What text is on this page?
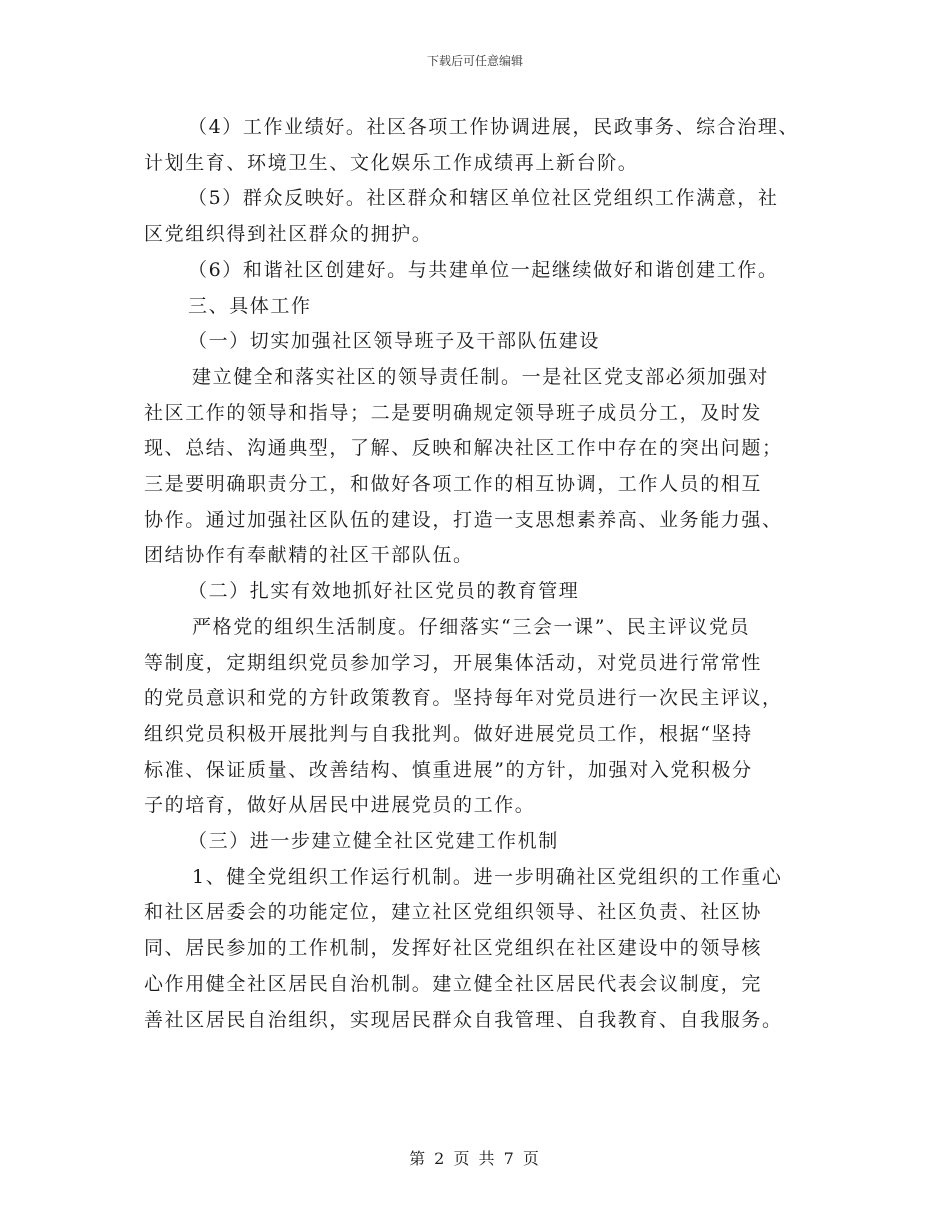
下载后可任意编辑
（4）工作业绩好。社区各项工作协调进展，民政事务、综合治理、
计划生育、环境卫生、文化娱乐工作成绩再上新台阶。
（5）群众反映好。社区群众和辖区单位社区党组织工作满意，社
区党组织得到社区群众的拥护。
（6）和谐社区创建好。与共建单位一起继续做好和谐创建工作。
三、具体工作
（一）切实加强社区领导班子及干部队伍建设
建立健全和落实社区的领导责任制。一是社区党支部必须加强对
社区工作的领导和指导；二是要明确规定领导班子成员分工，及时发
现、总结、沟通典型，了解、反映和解决社区工作中存在的突出问题；
三是要明确职责分工，和做好各项工作的相互协调，工作人员的相互
协作。通过加强社区队伍的建设，打造一支思想素养高、业务能力强、
团结协作有奉献精的社区干部队伍。
（二）扎实有效地抓好社区党员的教育管理
严格党的组织生活制度。仔细落实“三会一课”、民主评议党员
等制度，定期组织党员参加学习，开展集体活动，对党员进行常常性
的党员意识和党的方针政策教育。坚持每年对党员进行一次民主评议，
组织党员积极开展批判与自我批判。做好进展党员工作，根据“坚持
标准、保证质量、改善结构、慎重进展”的方针，加强对入党积极分
子的培育，做好从居民中进展党员的工作。
（三）进一步建立健全社区党建工作机制
1、健全党组织工作运行机制。进一步明确社区党组织的工作重心
和社区居委会的功能定位，建立社区党组织领导、社区负责、社区协
同、居民参加的工作机制，发挥好社区党组织在社区建设中的领导核
心作用健全社区居民自治机制。建立健全社区居民代表会议制度，完
善社区居民自治组织，实现居民群众自我管理、自我教育、自我服务。
第 2 页 共 7 页
